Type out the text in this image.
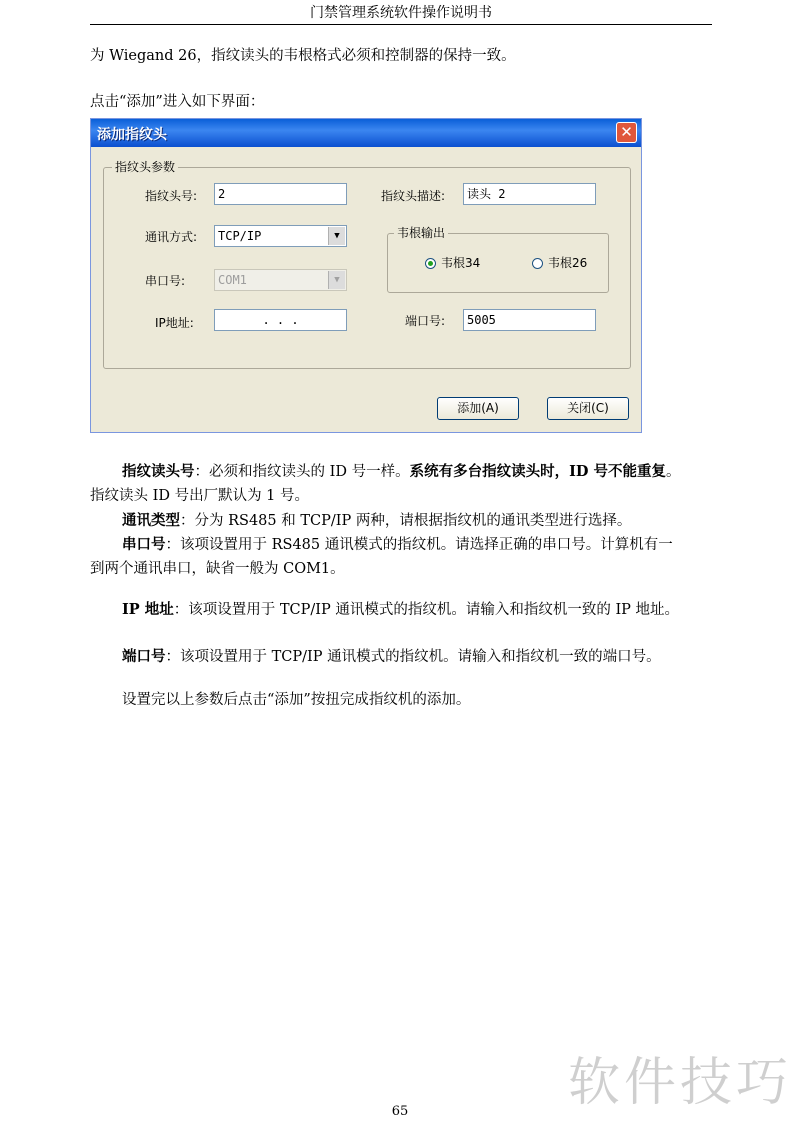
门禁管理系统软件操作说明书
为 Wiegand 26，指纹读头的韦根格式必须和控制器的保持一致。
点击“添加”进入如下界面：
添加指纹头	✕
指纹头参数
指纹头号:	2	指纹头描述:	读头 2
通讯方式:	TCP/IP	▼	韦根输出
韦根34	韦根26
串口号:	COM1	▼
IP地址:	. . .	端口号:	5005
添加(A)	关闭(C)
指纹读头号：必须和指纹读头的 ID 号一样。系统有多台指纹读头时，ID 号不能重复。
指纹读头 ID 号出厂默认为 1 号。
通讯类型：分为 RS485 和 TCP/IP 两种，请根据指纹机的通讯类型进行选择。
串口号：该项设置用于 RS485 通讯模式的指纹机。请选择正确的串口号。计算机有一
到两个通讯串口，缺省一般为 COM1。
IP 地址：该项设置用于 TCP/IP 通讯模式的指纹机。请输入和指纹机一致的 IP 地址。
端口号：该项设置用于 TCP/IP 通讯模式的指纹机。请输入和指纹机一致的端口号。
设置完以上参数后点击“添加”按扭完成指纹机的添加。
软件技巧
65
